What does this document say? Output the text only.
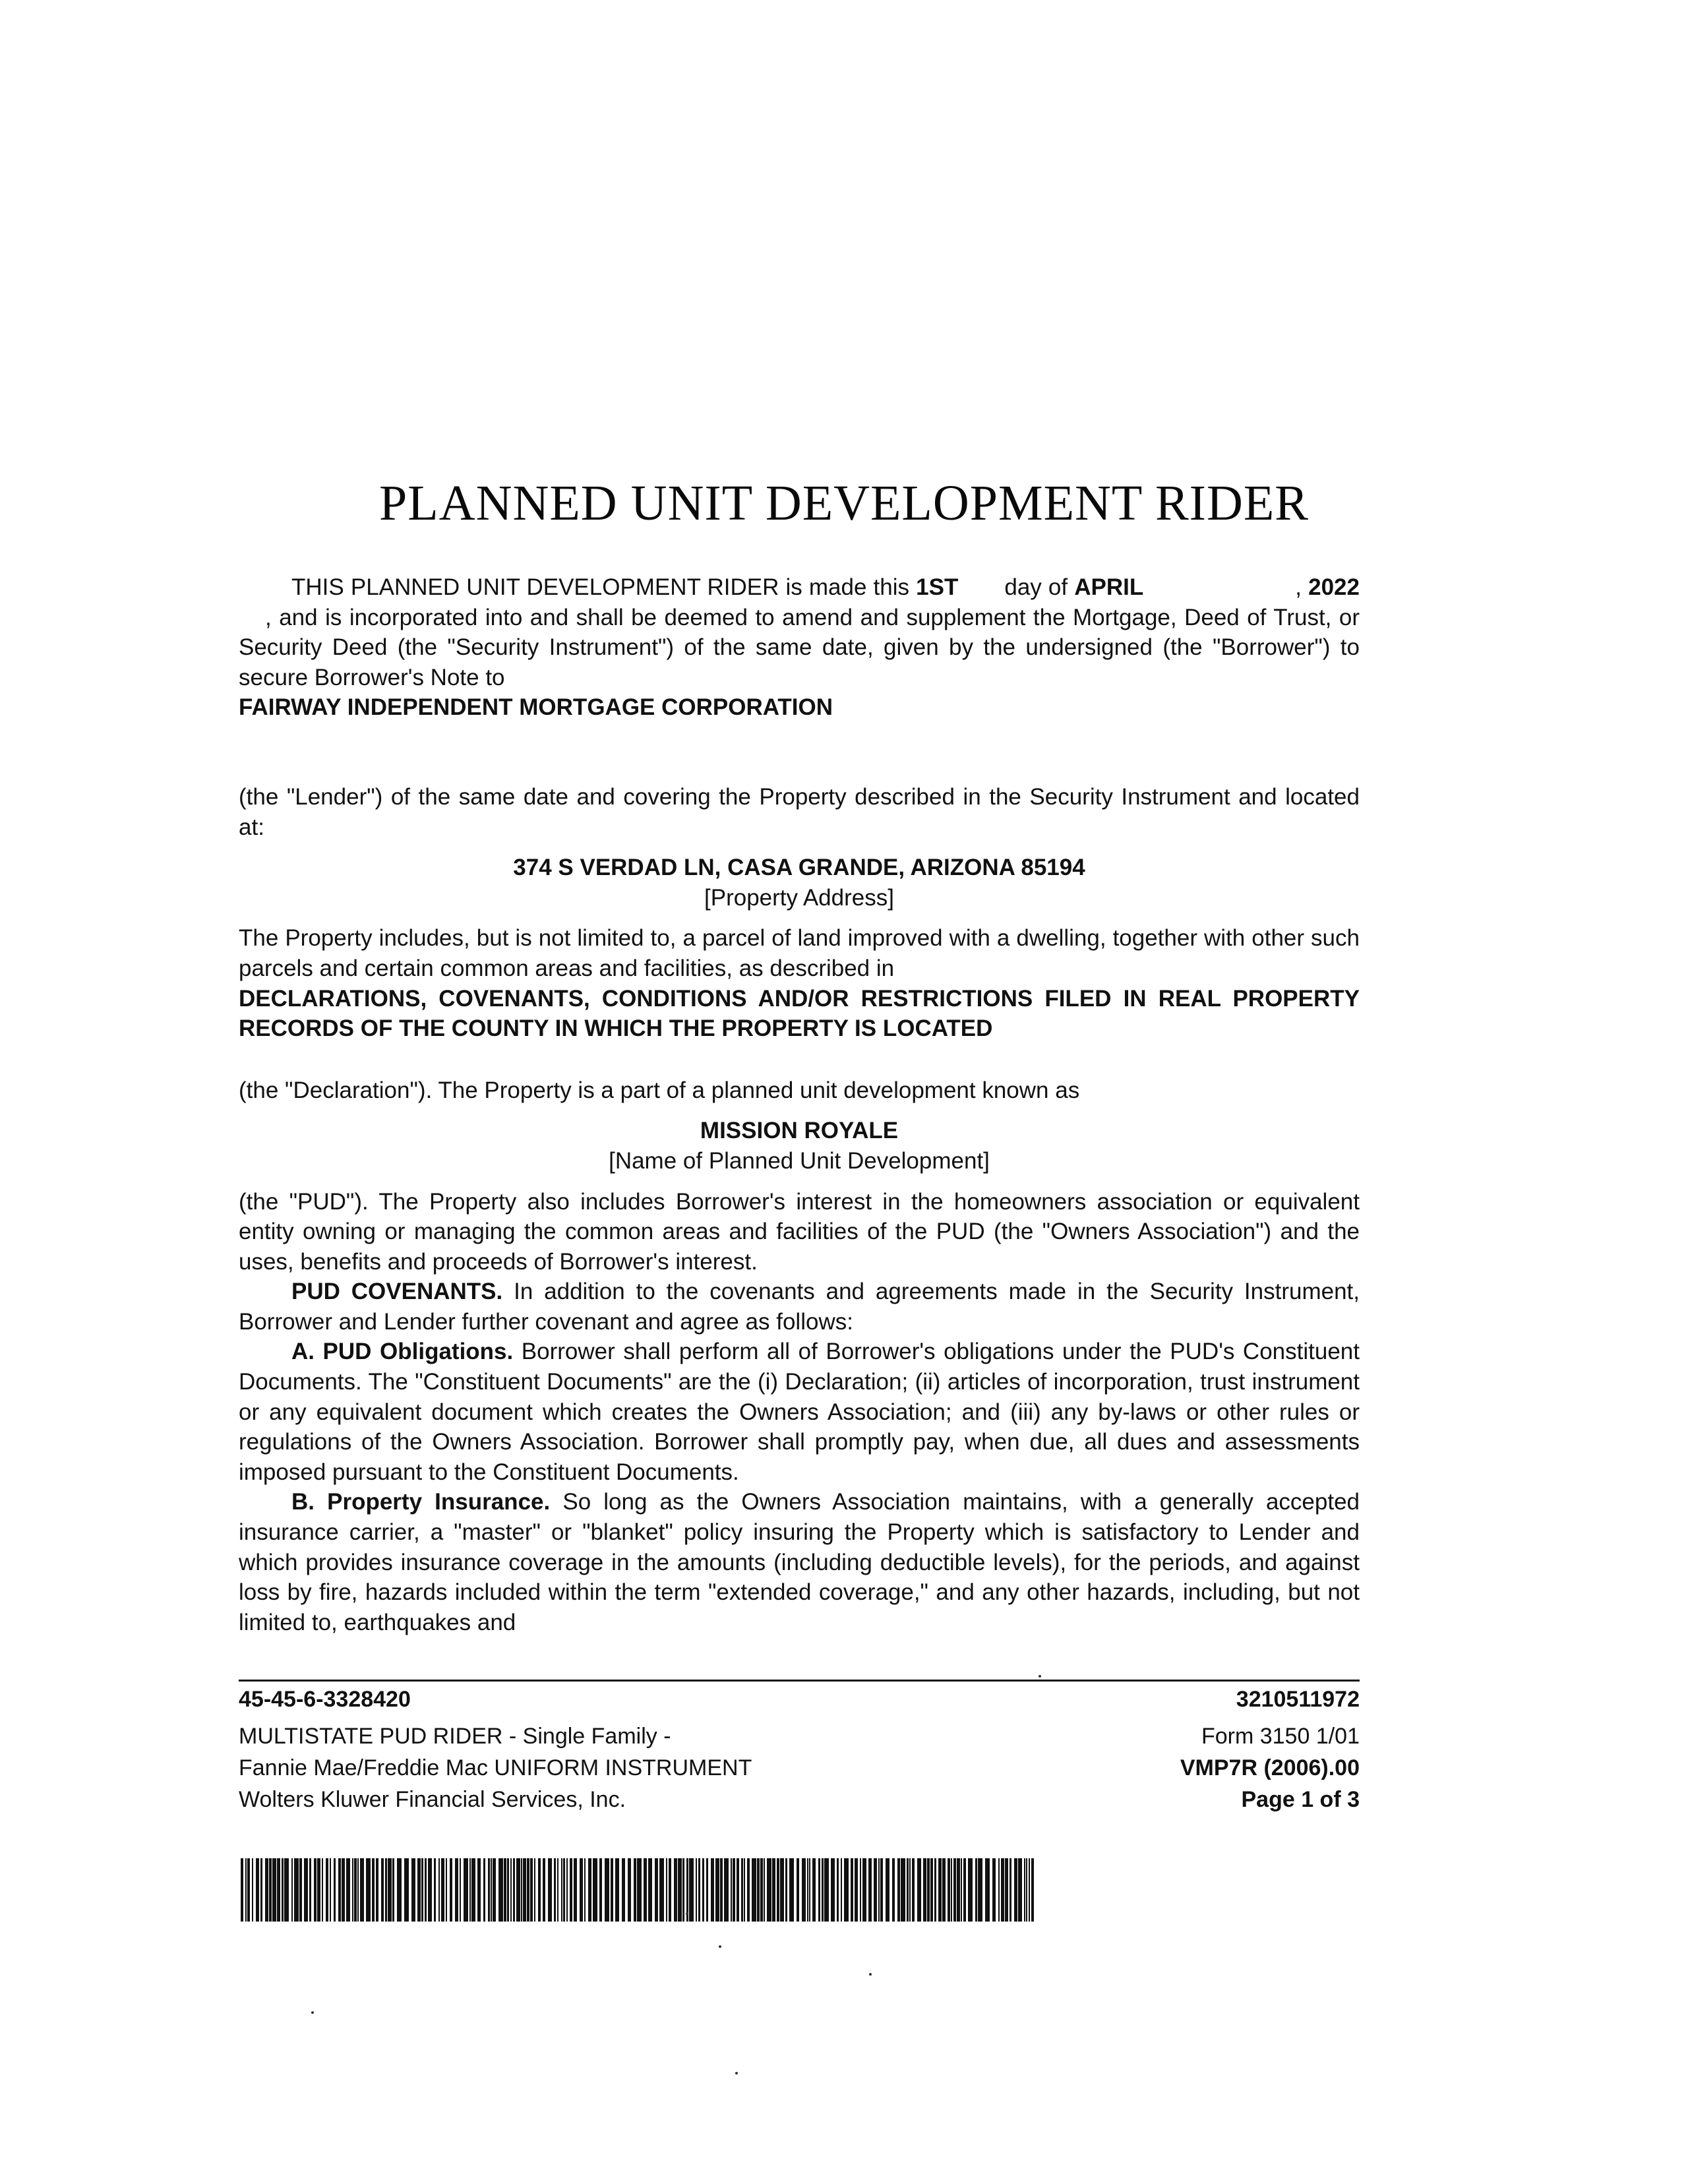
PLANNED UNIT DEVELOPMENT RIDER

THIS PLANNED UNIT DEVELOPMENT RIDER is made this 1ST day of APRIL	, 2022, and is incorporated into and shall be deemed to amend and supplement the Mortgage, Deed of Trust, or Security Deed (the "Security Instrument") of the same date, given by the undersigned (the "Borrower") to secure Borrower's Note to

FAIRWAY INDEPENDENT MORTGAGE CORPORATION

(the "Lender") of the same date and covering the Property described in the Security Instrument and located at:

374 S VERDAD LN, CASA GRANDE, ARIZONA 85194

[Property Address]

The Property includes, but is not limited to, a parcel of land improved with a dwelling, together with other such parcels and certain common areas and facilities, as described in
DECLARATIONS, COVENANTS, CONDITIONS AND/OR RESTRICTIONS FILED IN REAL PROPERTY RECORDS OF THE COUNTY IN WHICH THE PROPERTY IS LOCATED

(the "Declaration"). The Property is a part of a planned unit development known as

MISSION ROYALE

[Name of Planned Unit Development]

(the "PUD"). The Property also includes Borrower's interest in the homeowners association or equivalent entity owning or managing the common areas and facilities of the PUD (the "Owners Association") and the uses, benefits and proceeds of Borrower's interest.

PUD COVENANTS. In addition to the covenants and agreements made in the Security Instrument, Borrower and Lender further covenant and agree as follows:

A. PUD Obligations. Borrower shall perform all of Borrower's obligations under the PUD's Constituent Documents. The "Constituent Documents" are the (i) Declaration; (ii) articles of incorporation, trust instrument or any equivalent document which creates the Owners Association; and (iii) any by-laws or other rules or regulations of the Owners Association. Borrower shall promptly pay, when due, all dues and assessments imposed pursuant to the Constituent Documents.

B. Property Insurance. So long as the Owners Association maintains, with a generally accepted insurance carrier, a "master" or "blanket" policy insuring the Property which is satisfactory to Lender and which provides insurance coverage in the amounts (including deductible levels), for the periods, and against loss by fire, hazards included within the term "extended coverage," and any other hazards, including, but not limited to, earthquakes and

45-45-6-3328420	3210511972
MULTISTATE PUD RIDER - Single Family -
Fannie Mae/Freddie Mac UNIFORM INSTRUMENT
Wolters Kluwer Financial Services, Inc.
Form 3150 1/01
VMP7R (2006).00
Page 1 of 3
